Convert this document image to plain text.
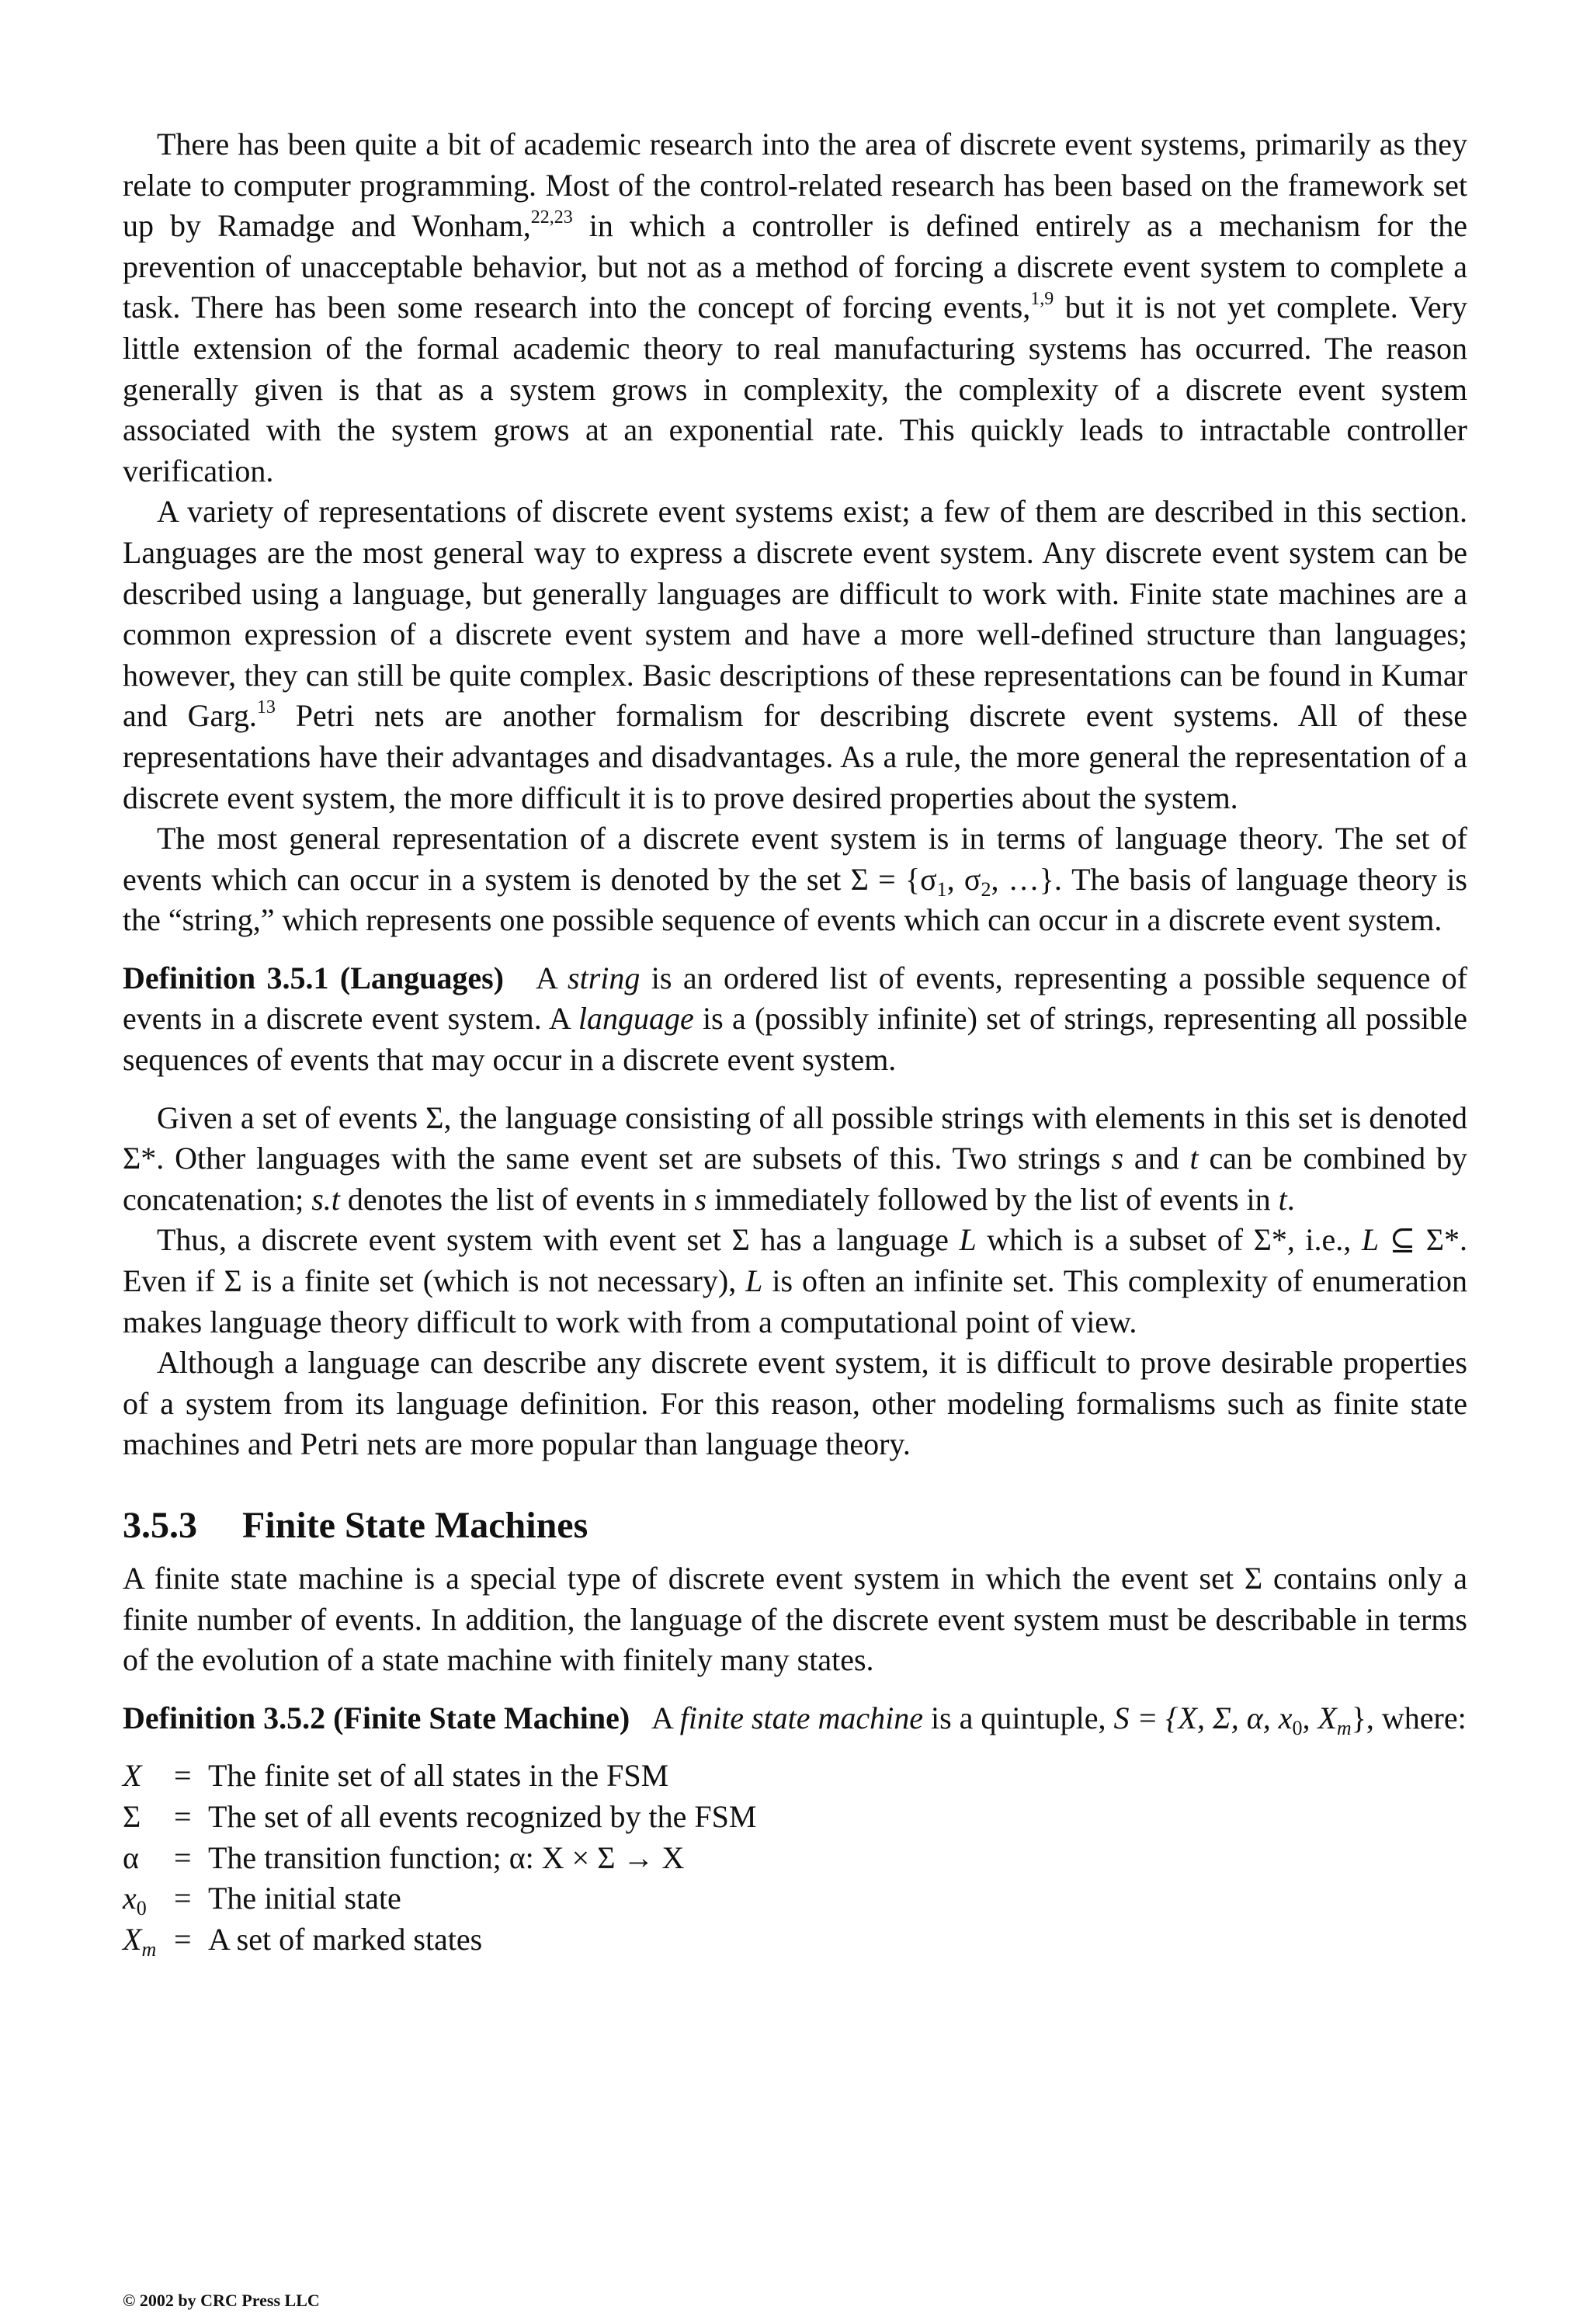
There has been quite a bit of academic research into the area of discrete event systems, primarily as they relate to computer programming. Most of the control-related research has been based on the framework set up by Ramadge and Wonham,$^{22,23}$ in which a controller is defined entirely as a mechanism for the prevention of unacceptable behavior, but not as a method of forcing a discrete event system to complete a task. There has been some research into the concept of forcing events,$^{1,9}$ but it is not yet complete. Very little extension of the formal academic theory to real manufacturing systems has occurred. The reason generally given is that as a system grows in complexity, the complexity of a discrete event system associated with the system grows at an exponential rate. This quickly leads to intractable controller verification.

A variety of representations of discrete event systems exist; a few of them are described in this section. Languages are the most general way to express a discrete event system. Any discrete event system can be described using a language, but generally languages are difficult to work with. Finite state machines are a common expression of a discrete event system and have a more well-defined structure than languages; however, they can still be quite complex. Basic descriptions of these representations can be found in Kumar and Garg.$^{13}$ Petri nets are another formalism for describing discrete event systems. All of these representations have their advantages and disadvantages. As a rule, the more general the representation of a discrete event system, the more difficult it is to prove desired properties about the system.

The most general representation of a discrete event system is in terms of language theory. The set of events which can occur in a system is denoted by the set $\Sigma = \{\sigma_1$, $\sigma_2$, …}. The basis of language theory is the “string,” which represents one possible sequence of events which can occur in a discrete event system.

Definition 3.5.1 (Languages) A string is an ordered list of events, representing a possible sequence of events in a discrete event system. A language is a (possibly infinite) set of strings, representing all possible sequences of events that may occur in a discrete event system.

Given a set of events Σ, the language consisting of all possible strings with elements in this set is denoted Σ*. Other languages with the same event set are subsets of this. Two strings s and t can be combined by concatenation; s.t denotes the list of events in s immediately followed by the list of events in t.

Thus, a discrete event system with event set Σ has a language L which is a subset of Σ*, i.e., L ⊆ Σ*. Even if Σ is a finite set (which is not necessary), L is often an infinite set. This complexity of enumeration makes language theory difficult to work with from a computational point of view.

Although a language can describe any discrete event system, it is difficult to prove desirable properties of a system from its language definition. For this reason, other modeling formalisms such as finite state machines and Petri nets are more popular than language theory.

3.5.3 Finite State Machines

A finite state machine is a special type of discrete event system in which the event set Σ contains only a finite number of events. In addition, the language of the discrete event system must be describable in terms of the evolution of a state machine with finitely many states.

Definition 3.5.2 (Finite State Machine) A finite state machine is a quintuple, S = {X, Σ, α, $x_0$, $X_m$}, where:

X	= The finite set of all states in the FSM
Σ	= The set of all events recognized by the FSM
α	= The transition function; α: X × Σ → X
$x_0$ = The initial state
$X_m = A$ set of marked states
© 2002 by CRC Press LLC
